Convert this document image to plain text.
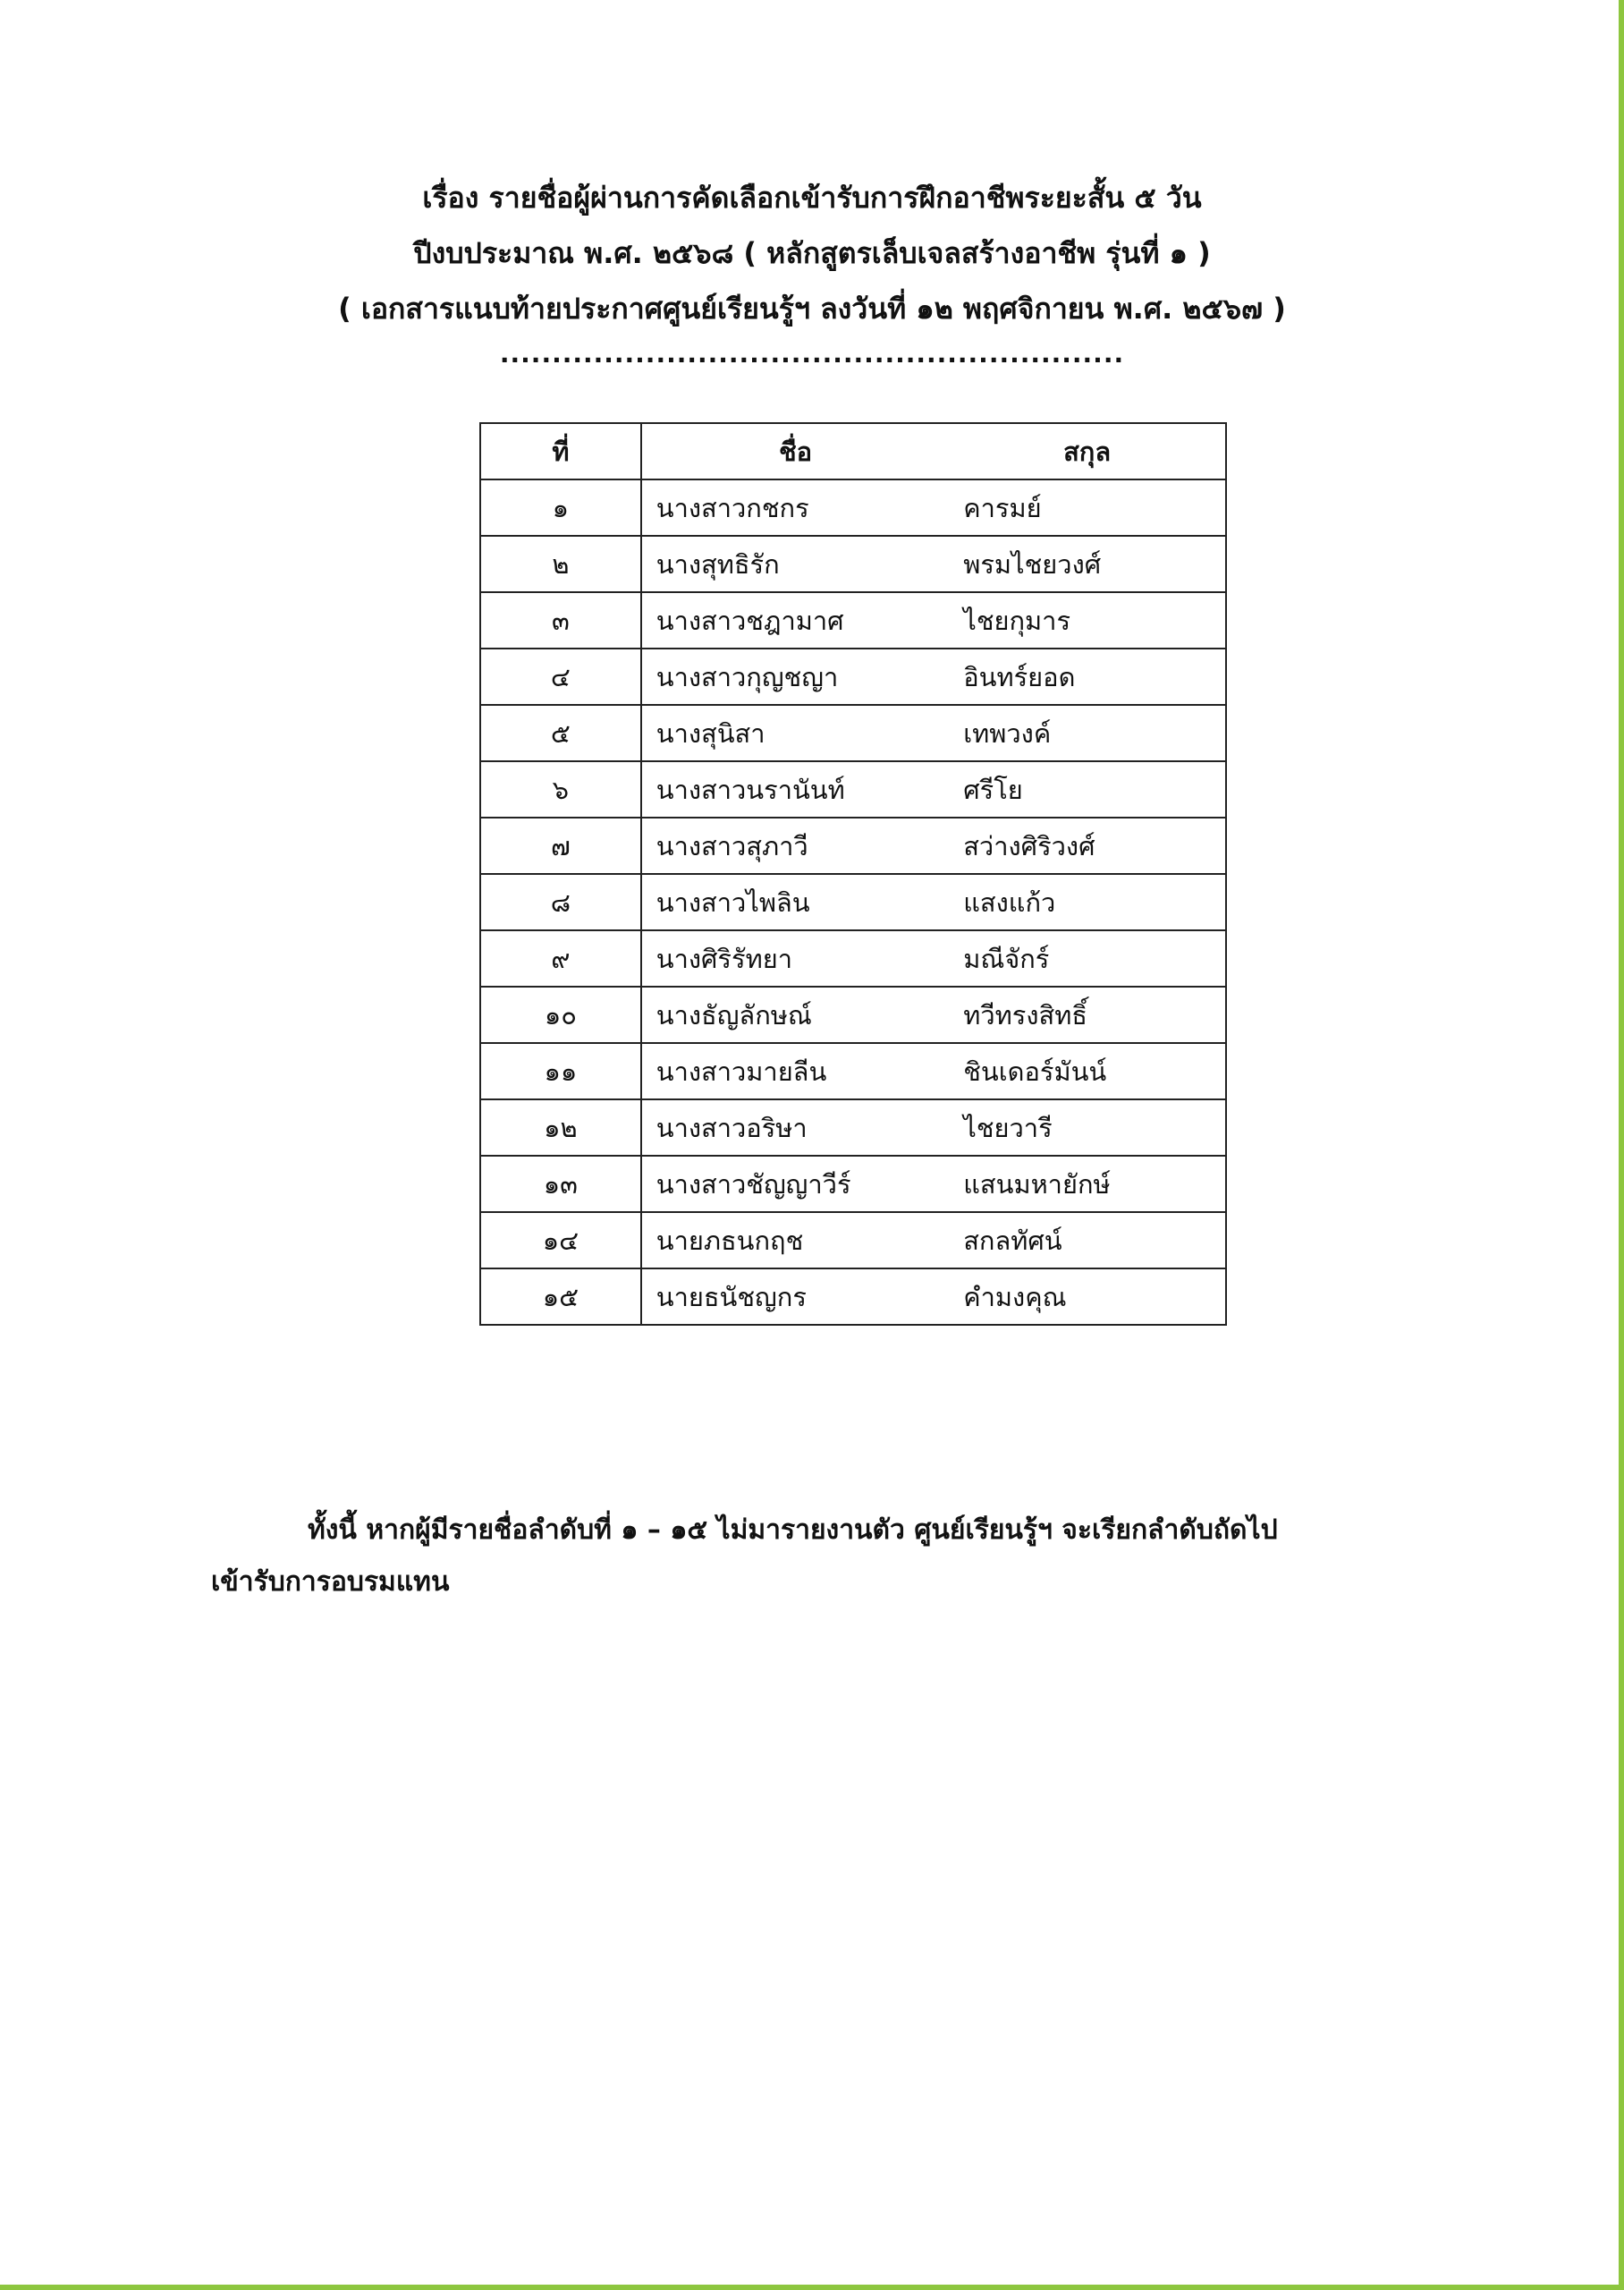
เรื่อง รายชื่อผู้ผ่านการคัดเลือกเข้ารับการฝึกอาชีพระยะสั้น ๕ วัน
ปีงบประมาณ พ.ศ. ๒๕๖๘ ( หลักสูตรเล็บเจลสร้างอาชีพ รุ่นที่ ๑ )
( เอกสารแนบท้ายประกาศศูนย์เรียนรู้ฯ ลงวันที่ ๑๒ พฤศจิกายน พ.ศ. ๒๕๖๗ )
............................................................
ที่	ชื่อ	สกุล
๑	นางสาวกชกร	คารมย์
๒	นางสุทธิรัก	พรมไชยวงศ์
๓	นางสาวชฎามาศ	ไชยกุมาร
๔	นางสาวกุญชญา	อินทร์ยอด
๕	นางสุนิสา	เทพวงค์
๖	นางสาวนรานันท์	ศรีโย
๗	นางสาวสุภาวี	สว่างศิริวงศ์
๘	นางสาวไพลิน	แสงแก้ว
๙	นางศิริรัทยา	มณีจักร์
๑๐	นางธัญลักษณ์	ทวีทรงสิทธิ์
๑๑	นางสาวมายลีน	ชินเดอร์มันน์
๑๒	นางสาวอริษา	ไชยวารี
๑๓	นางสาวชัญญาวีร์	แสนมหายักษ์
๑๔	นายภธนกฤช	สกลทัศน์
๑๕	นายธนัชญกร	คำมงคุณ
ทั้งนี้ หากผู้มีรายชื่อลำดับที่ ๑ – ๑๕ ไม่มารายงานตัว ศูนย์เรียนรู้ฯ จะเรียกลำดับถัดไป
เข้ารับการอบรมแทน
